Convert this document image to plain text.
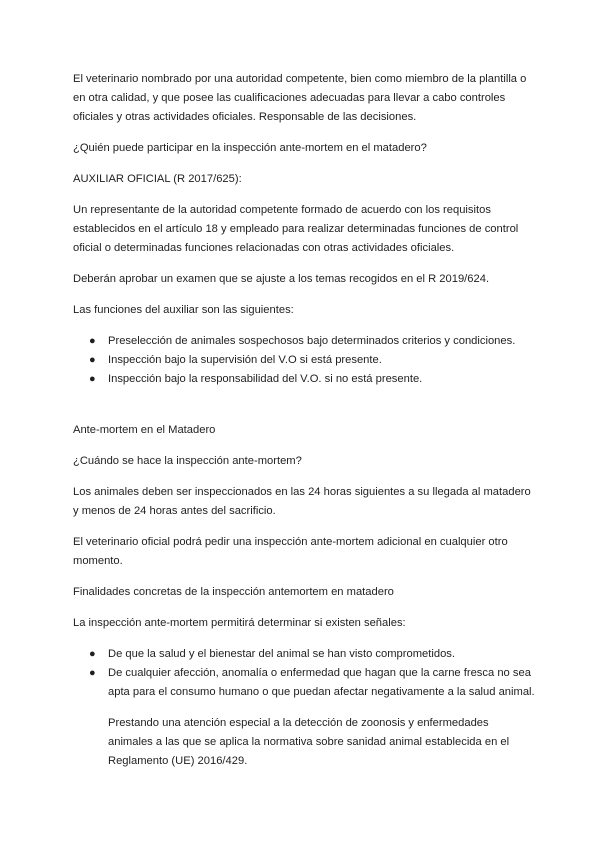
El veterinario nombrado por una autoridad competente, bien como miembro de la plantilla o en otra calidad, y que posee las cualificaciones adecuadas para llevar a cabo controles oficiales y otras actividades oficiales. Responsable de las decisiones.

¿Quién puede participar en la inspección ante-mortem en el matadero?

AUXILIAR OFICIAL (R 2017/625):

Un representante de la autoridad competente formado de acuerdo con los requisitos establecidos en el artículo 18 y empleado para realizar determinadas funciones de control oficial o determinadas funciones relacionadas con otras actividades oficiales.

Deberán aprobar un examen que se ajuste a los temas recogidos en el R 2019/624.

Las funciones del auxiliar son las siguientes:

● Preselección de animales sospechosos bajo determinados criterios y condiciones.
● Inspección bajo la supervisión del V.O si está presente.
● Inspección bajo la responsabilidad del V.O. si no está presente.

Ante-mortem en el Matadero

¿Cuándo se hace la inspección ante-mortem?

Los animales deben ser inspeccionados en las 24 horas siguientes a su llegada al matadero y menos de 24 horas antes del sacrificio.

El veterinario oficial podrá pedir una inspección ante-mortem adicional en cualquier otro momento.

Finalidades concretas de la inspección antemortem en matadero

La inspección ante-mortem permitirá determinar si existen señales:

● De que la salud y el bienestar del animal se han visto comprometidos.
● De cualquier afección, anomalía o enfermedad que hagan que la carne fresca no sea apta para el consumo humano o que puedan afectar negativamente a la salud animal.

Prestando una atención especial a la detección de zoonosis y enfermedades animales a las que se aplica la normativa sobre sanidad animal establecida en el Reglamento (UE) 2016/429.
